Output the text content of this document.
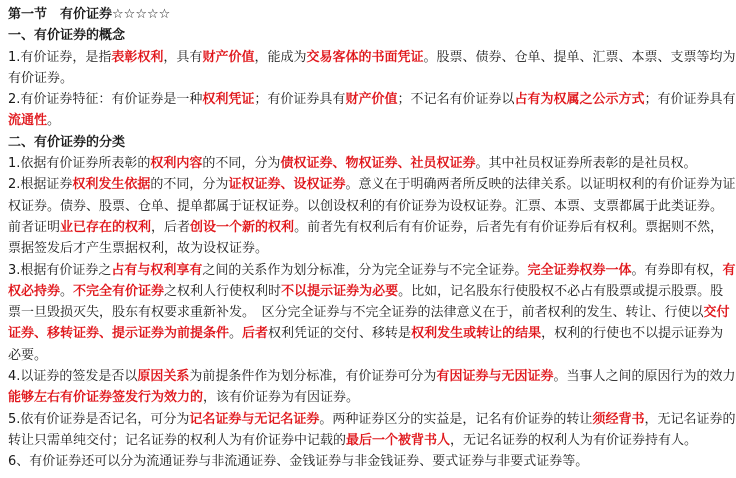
第一节　有价证券☆☆☆☆☆
一、有价证券的概念
1.有价证券，是指表彰权利，具有财产价值，能成为交易客体的书面凭证。股票、债券、仓单、提单、汇票、本票、支票等均为
有价证券。
2.有价证券特征：有价证券是一种权利凭证；有价证券具有财产价值；不记名有价证券以占有为权属之公示方式；有价证券具有
流通性。
二、有价证券的分类
1.依据有价证券所表彰的权利内容的不同，分为债权证券、物权证券、社员权证券。其中社员权证券所表彰的是社员权。
2.根据证券权利发生依据的不同，分为证权证券、设权证券。意义在于明确两者所反映的法律关系。以证明权利的有价证券为证
权证券。债券、股票、仓单、提单都属于证权证券。以创设权利的有价证券为设权证券。汇票、本票、支票都属于此类证券。
前者证明业已存在的权利，后者创设一个新的权利。前者先有权利后有有价证券，后者先有有价证券后有权利。票据则不然，
票据签发后才产生票据权利，故为设权证券。
3.根据有价证券之占有与权利享有之间的关系作为划分标准，分为完全证券与不完全证券。完全证券权券一体。有券即有权，有
权必持券。不完全有价证券之权利人行使权利时不以提示证券为必要。比如，记名股东行使股权不必占有股票或提示股票。股
票一旦毁损灭失，股东有权要求重新补发。　区分完全证券与不完全证券的法律意义在于，前者权利的发生、转让、行使以交付
证券、移转证券、提示证券为前提条件。后者权利凭证的交付、移转是权利发生或转让的结果，权利的行使也不以提示证券为
必要。
4.以证券的签发是否以原因关系为前提条件作为划分标准，有价证券可分为有因证券与无因证券。当事人之间的原因行为的效力
能够左右有价证券签发行为效力的，该有价证券为有因证券。
5.依有价证券是否记名，可分为记名证券与无记名证券。两种证券区分的实益是，记名有价证券的转让须经背书，无记名证券的
转让只需单纯交付；记名证券的权利人为有价证券中记载的最后一个被背书人，无记名证券的权利人为有价证券持有人。
6、有价证券还可以分为流通证券与非流通证券、金钱证券与非金钱证券、要式证券与非要式证券等。
